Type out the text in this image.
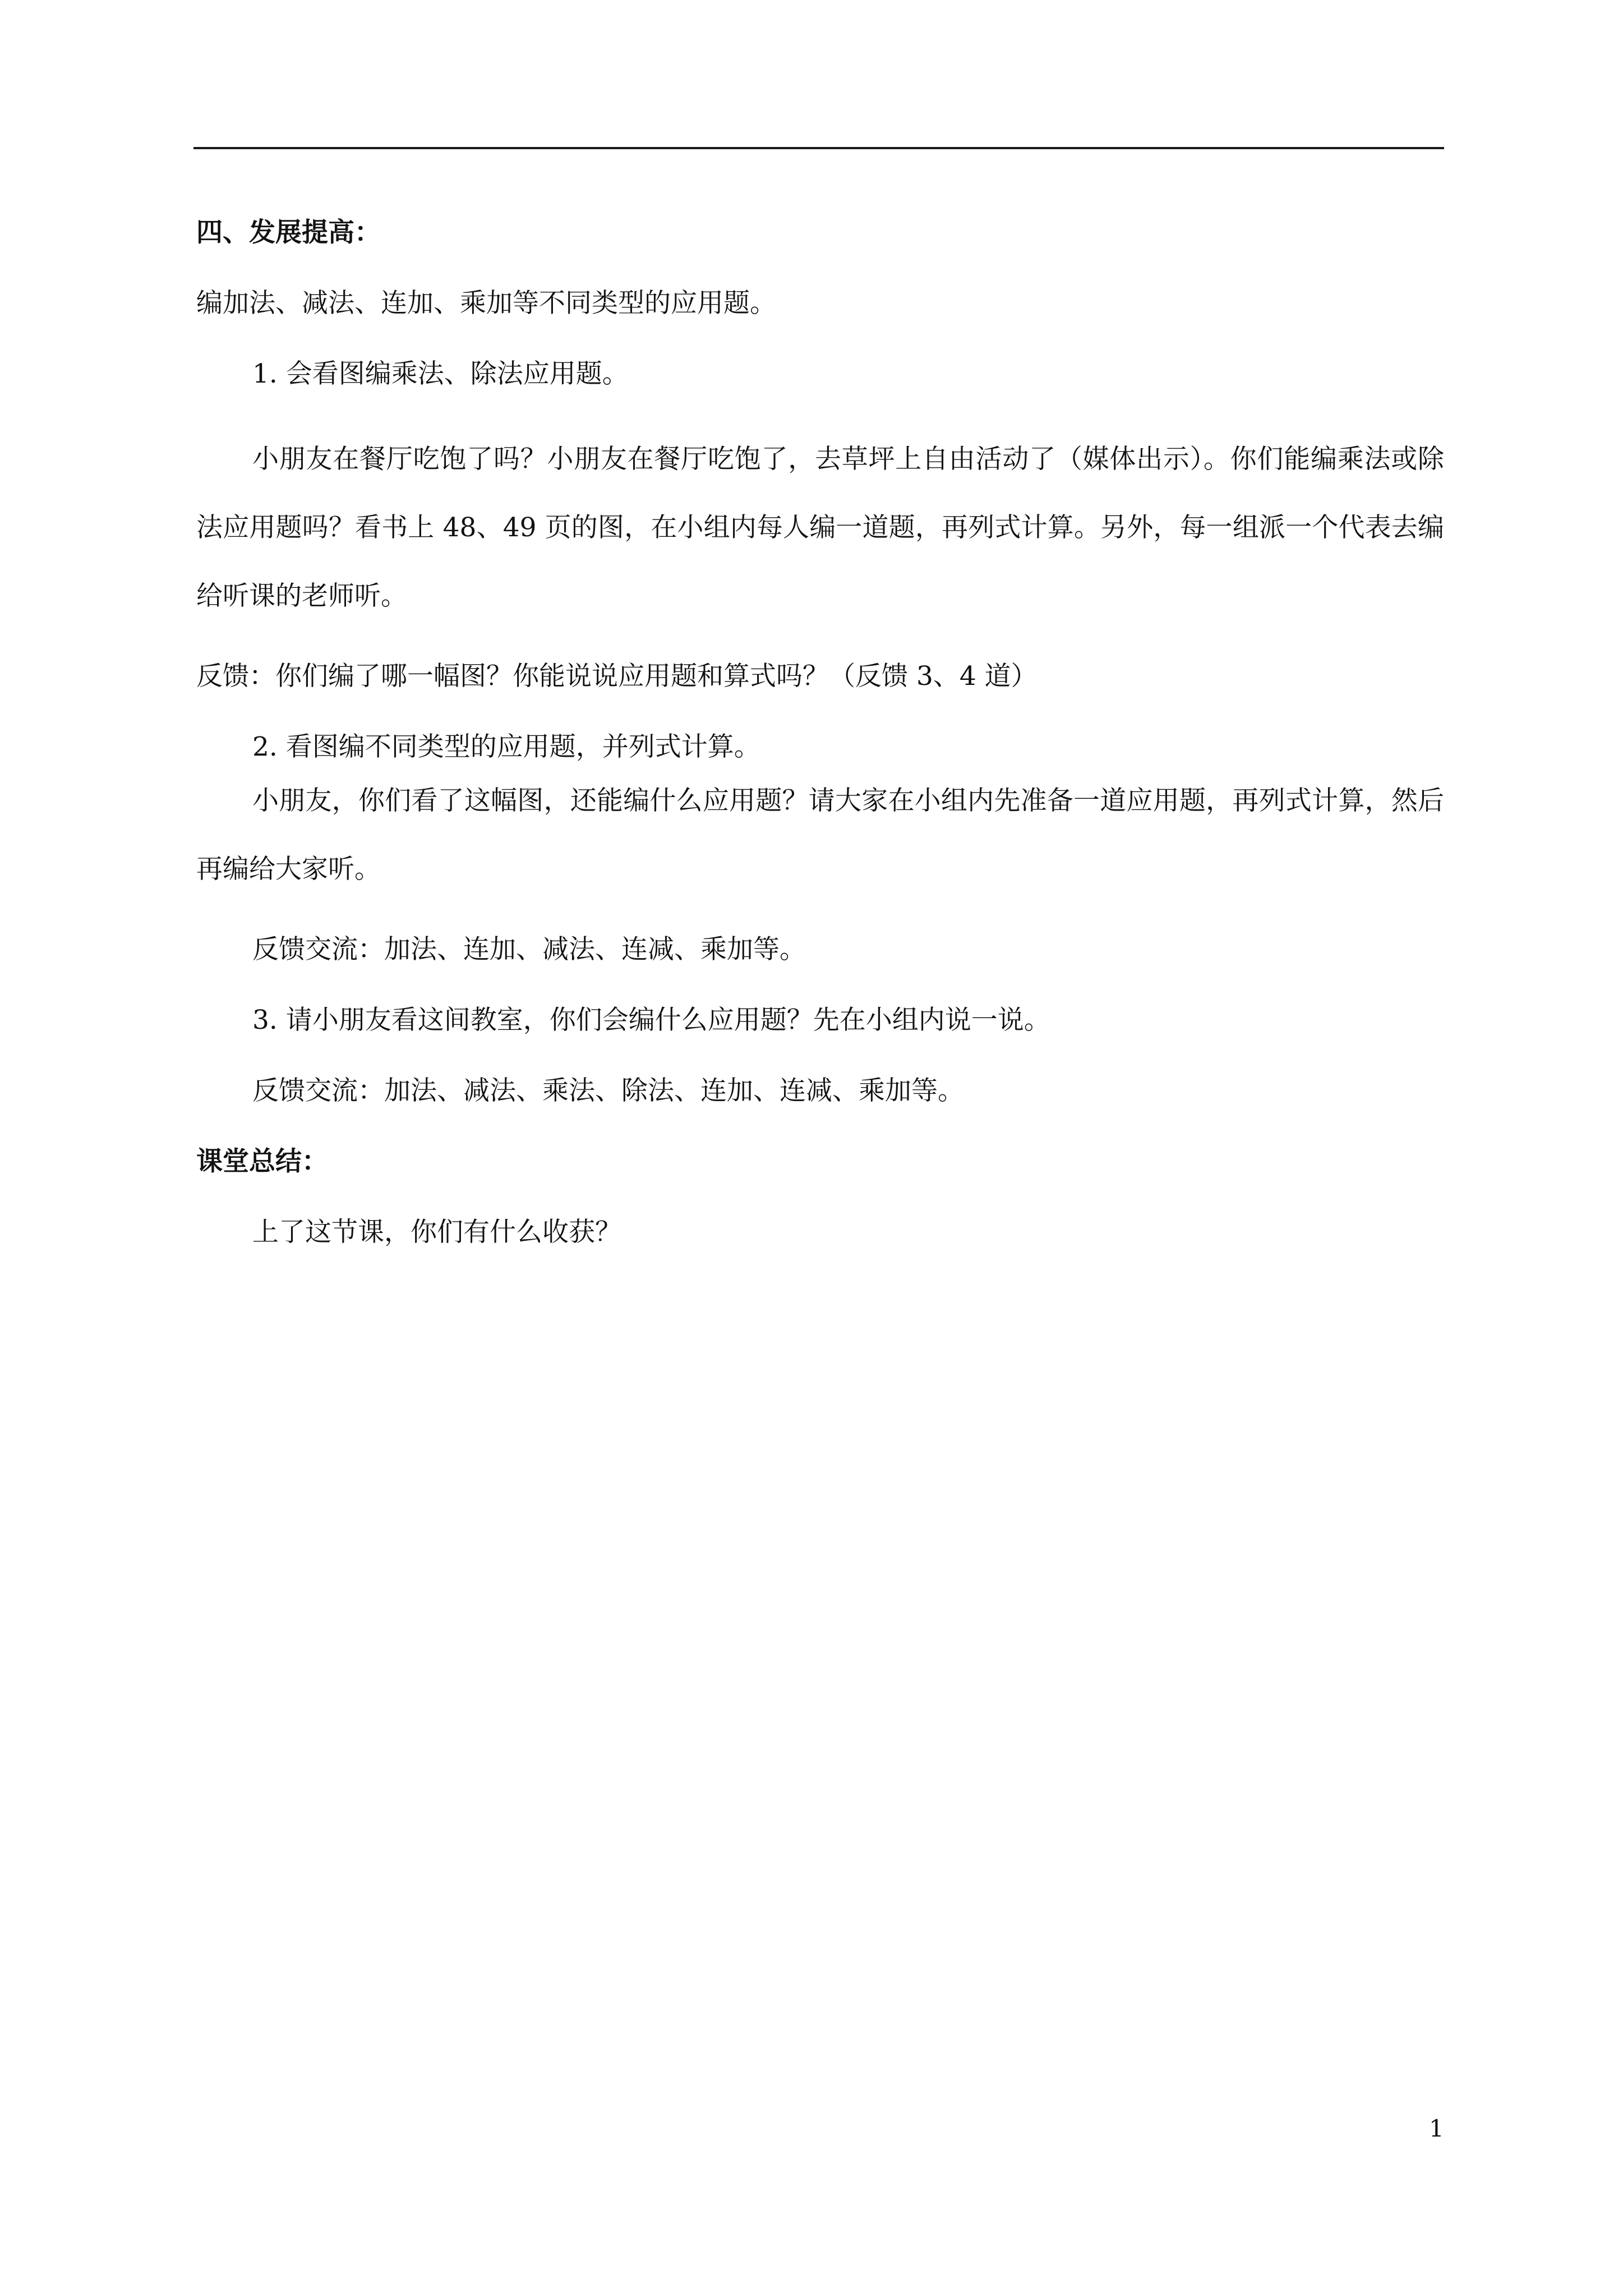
四、发展提高：

编加法、减法、连加、乘加等不同类型的应用题。

1. 会看图编乘法、除法应用题。

小朋友在餐厅吃饱了吗？小朋友在餐厅吃饱了，去草坪上自由活动了（媒体出示）。你们能编乘法或除法应用题吗？看书上 48、49 页的图，在小组内每人编一道题，再列式计算。另外，每一组派一个代表去编给听课的老师听。

反馈：你们编了哪一幅图？你能说说应用题和算式吗？（反馈 3、4 道）

2. 看图编不同类型的应用题，并列式计算。

小朋友，你们看了这幅图，还能编什么应用题？请大家在小组内先准备一道应用题，再列式计算，然后再编给大家听。

反馈交流：加法、连加、减法、连减、乘加等。

3. 请小朋友看这间教室，你们会编什么应用题？先在小组内说一说。

反馈交流：加法、减法、乘法、除法、连加、连减、乘加等。

课堂总结：

上了这节课，你们有什么收获？

1
